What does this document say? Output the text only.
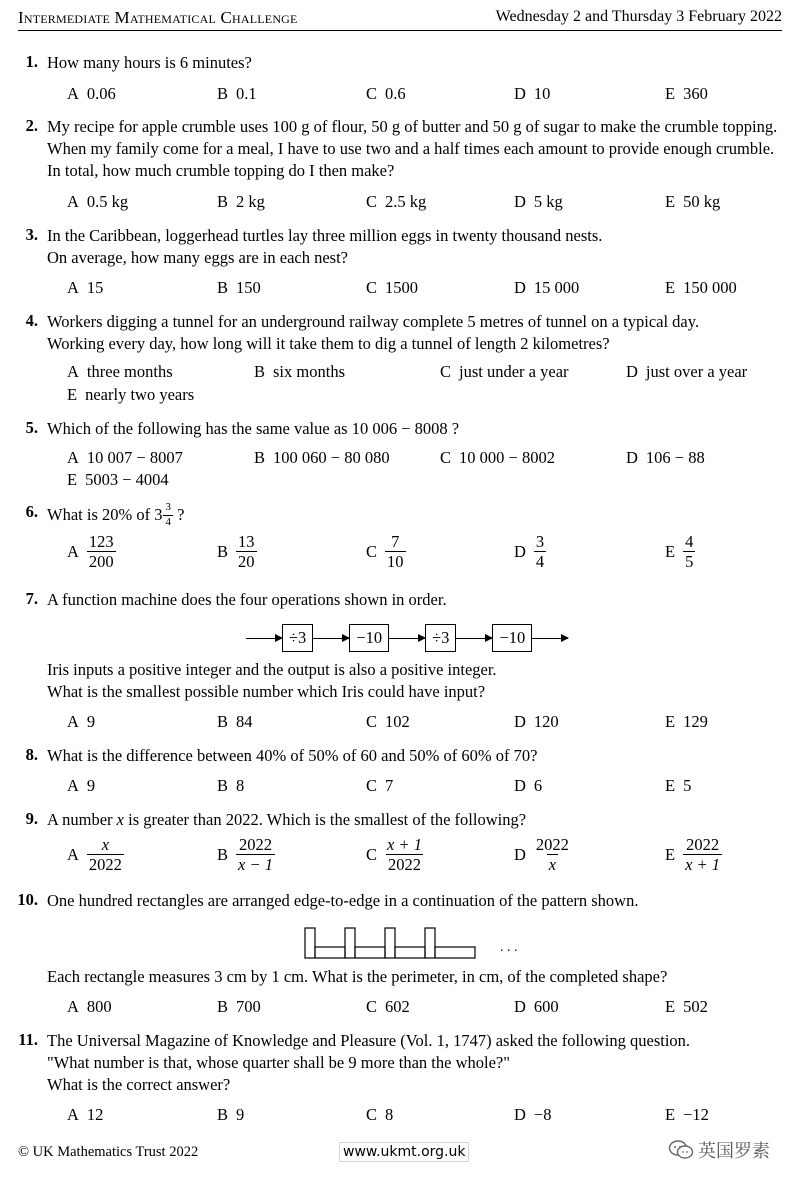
Intermediate Mathematical Challenge	Wednesday 2 and Thursday 3 February 2022
1. How many hours is 6 minutes?

A 0.06	B 0.1	C 0.6	D 10	E 360
2. My recipe for apple crumble uses 100 g of flour, 50 g of butter and 50 g of sugar to make the crumble topping. When my family come for a meal, I have to use two and a half times each amount to provide enough crumble. In total, how much crumble topping do I then make?

A 0.5 kg	B 2 kg	C 2.5 kg	D 5 kg	E 50 kg
3. In the Caribbean, loggerhead turtles lay three million eggs in twenty thousand nests.

On average, how many eggs are in each nest?

A 15	B 150	C 1500	D 15 000	E 150 000
4. Workers digging a tunnel for an underground railway complete 5 metres of tunnel on a typical day.

Working every day, how long will it take them to dig a tunnel of length 2 kilometres?

A three months	B six months	C just under a year	D just over a year
E nearly two years
5. Which of the following has the same value as 10 006 − 8008 ?

A 10 007 − 8007	B 100 060 − 80 080	C 10 000 − 8002	D 106 − 88
E 5003 − 4004
6. What is 20% of $3 \frac{3}{4}$ ?

A $\frac{123}{200}$	B $\frac{13}{20}$	C $\frac{7}{10}$	D $\frac{3}{4}$	E $\frac{4}{5}$
7. A function machine does the four operations shown in order.

÷3	−10	÷3	−10

Iris inputs a positive integer and the output is also a positive integer.

What is the smallest possible number which Iris could have input?

A 9	B 84	C 102	D 120	E 129
8. What is the difference between 40% of 50% of 60 and 50% of 60% of 70?

A 9	B 8	C 7	D 6	E 5
9. A number x is greater than 2022. Which is the smallest of the following?

A $\frac{x}{2022}$	B $\frac{2022}{x - 1}$	C $\frac{x + 1}{2022}$	D $\frac{2022}{x}$	E $\frac{2022}{x + 1}$
10. One hundred rectangles are arranged edge-to-edge in a continuation of the pattern shown.

. . .

Each rectangle measures 3 cm by 1 cm. What is the perimeter, in cm, of the completed shape?

A 800	B 700	C 602	D 600	E 502
11. The Universal Magazine of Knowledge and Pleasure (Vol. 1, 1747) asked the following question.

"What number is that, whose quarter shall be 9 more than the whole?"

What is the correct answer?

A 12	B 9	C 8	D −8	E −12
© UK Mathematics Trust 2022	www.ukmt.org.uk	英国罗素
